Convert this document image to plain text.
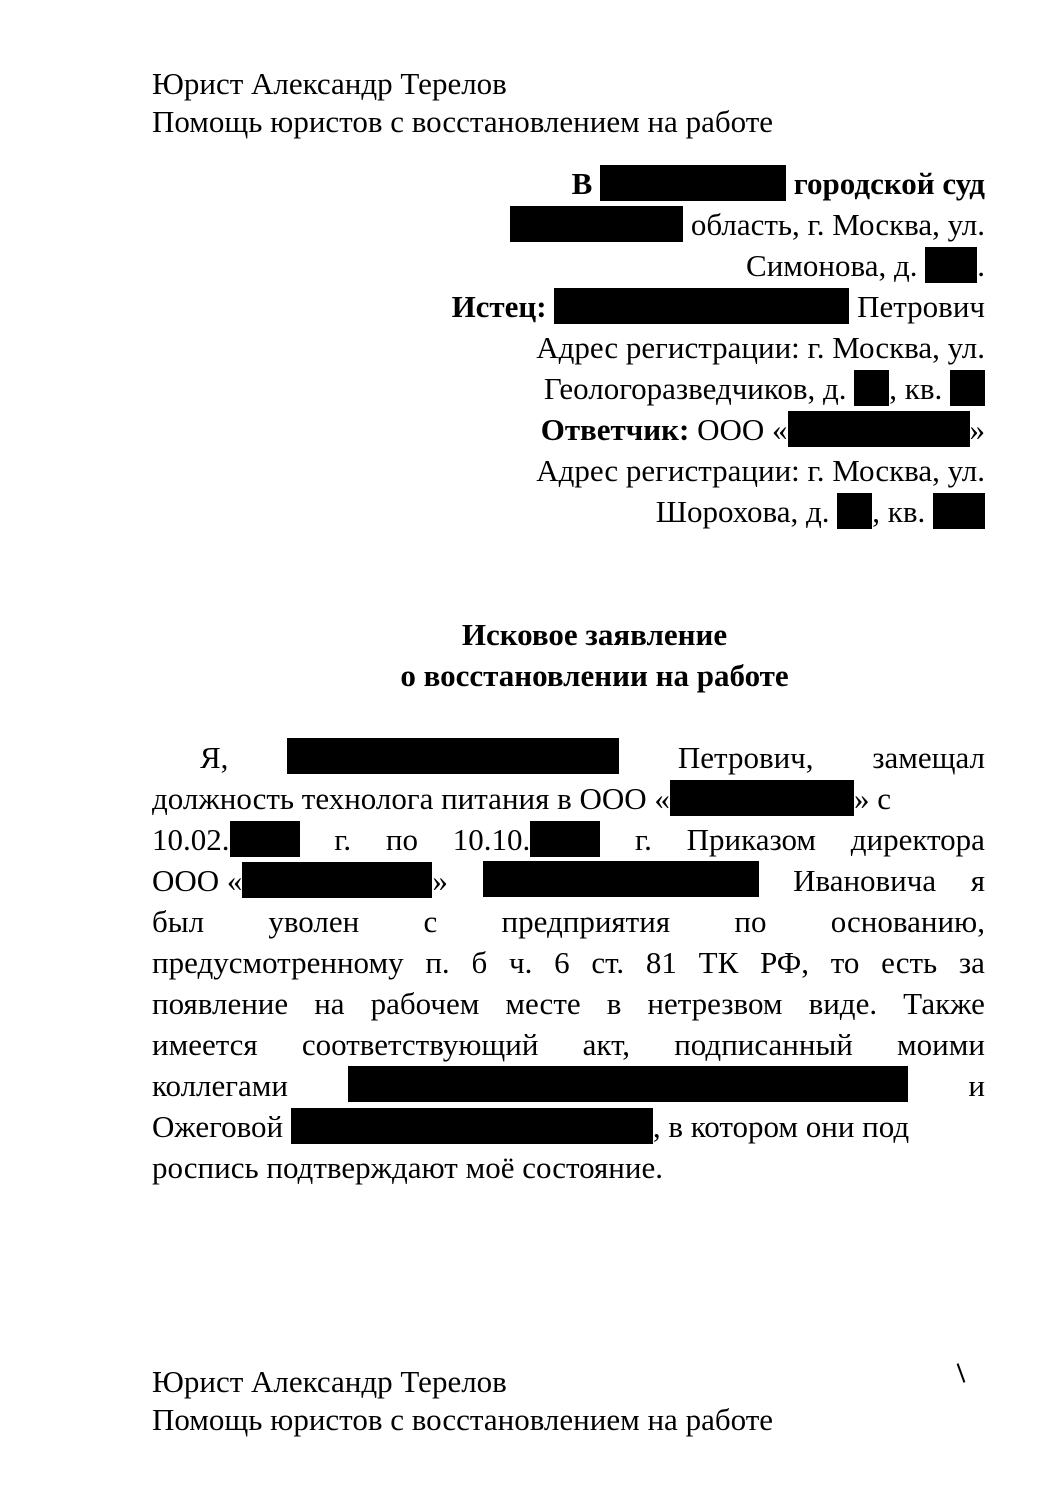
Юрист Александр Терелов
Помощь юристов с восстановлением на работе
В	городской суд
область, г. Москва, ул.
Симонова, д. .
Истец:	Петрович
Адрес регистрации: г. Москва, ул.
Геологоразведчиков, д. , кв.
Ответчик: ООО «	»
Адрес регистрации: г. Москва, ул.
Шорохова, д. , кв.
Исковое заявление
о восстановлении на работе
Я,	Петрович, замещал
должность технолога питания в ООО «	» с
10.02.	г. по 10.10.	г. Приказом директора
ООО «	»	Ивановича я
был уволен с предприятия по основанию,
предусмотренному п. б ч. 6 ст. 81 ТК РФ, то есть за
появление на рабочем месте в нетрезвом виде. Также
имеется соответствующий акт, подписанный моими
коллегами	и
Ожеговой	, в котором они под
роспись подтверждают моё состояние.
Юрист Александр Терелов
Помощь юристов с восстановлением на работе
